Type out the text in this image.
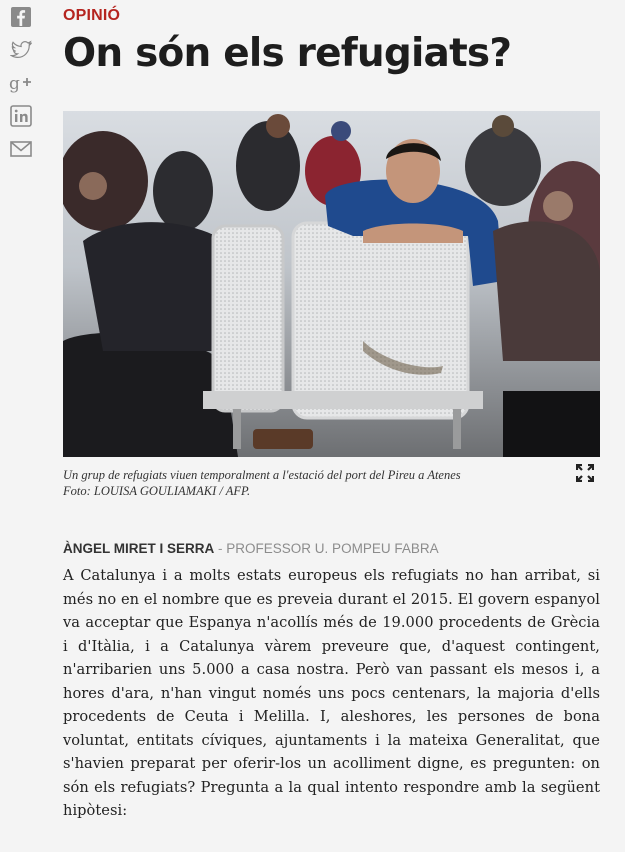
g
OPINIÓ
On són els refugiats?
Un grup de refugiats viuen temporalment a l'estació del port del Pireu a Atenes
Foto: LOUISA GOULIAMAKI / AFP.
ÀNGEL MIRET I SERRA - PROFESSOR U. POMPEU FABRA

A Catalunya i a molts estats europeus els refugiats no han arribat, si més no en el nombre que es preveia durant el 2015. El govern espanyol va acceptar que Espanya n'acollís més de 19.000 procedents de Grècia i d'Itàlia, i a Catalunya vàrem preveure que, d'aquest contingent, n'arribarien uns 5.000 a casa nostra. Però van passant els mesos i, a hores d'ara, n'han vingut només uns pocs centenars, la majoria d'ells procedents de Ceuta i Melilla. I, aleshores, les persones de bona voluntat, entitats cíviques, ajuntaments i la mateixa Generalitat, que s'havien preparat per oferir-los un acolliment digne, es pregunten: on són els refugiats? Pregunta a la qual intento respondre amb la següent hipòtesi:
